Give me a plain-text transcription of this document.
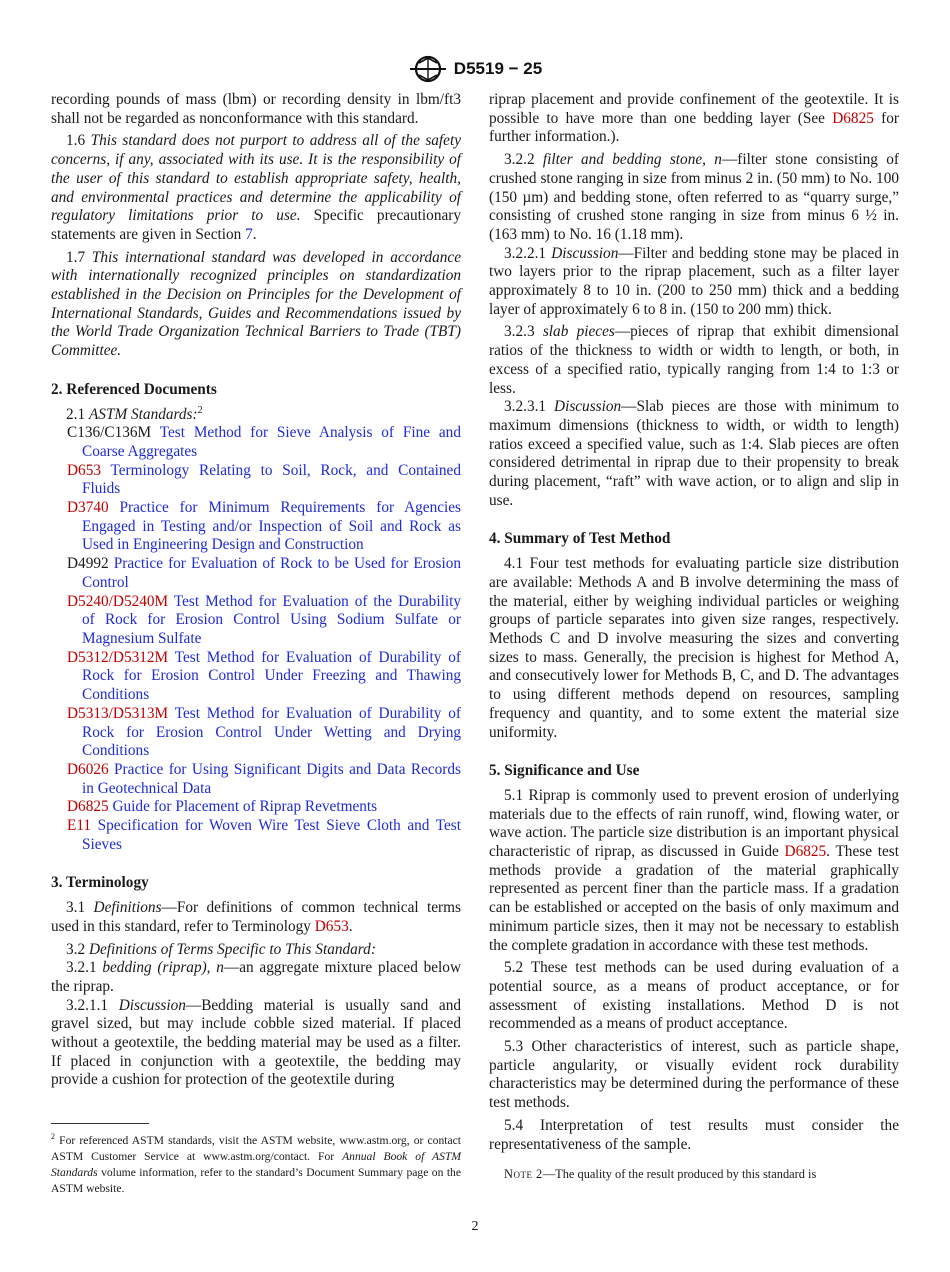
D5519 − 25

recording pounds of mass (lbm) or recording density in lbm/ft3 shall not be regarded as nonconformance with this standard.

1.6 This standard does not purport to address all of the safety concerns, if any, associated with its use. It is the responsibility of the user of this standard to establish appropriate safety, health, and environmental practices and determine the applicability of regulatory limitations prior to use. Specific precautionary statements are given in Section 7.

1.7 This international standard was developed in accordance with internationally recognized principles on standardization established in the Decision on Principles for the Development of International Standards, Guides and Recommendations issued by the World Trade Organization Technical Barriers to Trade (TBT) Committee.

2. Referenced Documents

2.1 ASTM Standards:$^2$

C136/C136M Test Method for Sieve Analysis of Fine and Coarse Aggregates

D653 Terminology Relating to Soil, Rock, and Contained Fluids

D3740 Practice for Minimum Requirements for Agencies Engaged in Testing and/or Inspection of Soil and Rock as Used in Engineering Design and Construction

D4992 Practice for Evaluation of Rock to be Used for Erosion Control

D5240/D5240M Test Method for Evaluation of the Durability of Rock for Erosion Control Using Sodium Sulfate or Magnesium Sulfate

D5312/D5312M Test Method for Evaluation of Durability of Rock for Erosion Control Under Freezing and Thawing Conditions

D5313/D5313M Test Method for Evaluation of Durability of Rock for Erosion Control Under Wetting and Drying Conditions

D6026 Practice for Using Significant Digits and Data Records in Geotechnical Data

D6825 Guide for Placement of Riprap Revetments

E11 Specification for Woven Wire Test Sieve Cloth and Test Sieves

3. Terminology

3.1 Definitions—For definitions of common technical terms used in this standard, refer to Terminology D653.

3.2 Definitions of Terms Specific to This Standard:

3.2.1 bedding (riprap), n—an aggregate mixture placed below the riprap.

3.2.1.1 Discussion—Bedding material is usually sand and gravel sized, but may include cobble sized material. If placed without a geotextile, the bedding material may be used as a filter. If placed in conjunction with a geotextile, the bedding may provide a cushion for protection of the geotextile during

$^2$ For referenced ASTM standards, visit the ASTM website, www.astm.org, or contact ASTM Customer Service at www.astm.org/contact. For Annual Book of ASTM Standards volume information, refer to the standard’s Document Summary page on the ASTM website.

riprap placement and provide confinement of the geotextile. It is possible to have more than one bedding layer (See D6825 for further information.).

3.2.2 filter and bedding stone, n—filter stone consisting of crushed stone ranging in size from minus 2 in. (50 mm) to No. 100 (150 µm) and bedding stone, often referred to as “quarry surge,” consisting of crushed stone ranging in size from minus 6 ½ in. (163 mm) to No. 16 (1.18 mm).

3.2.2.1 Discussion—Filter and bedding stone may be placed in two layers prior to the riprap placement, such as a filter layer approximately 8 to 10 in. (200 to 250 mm) thick and a bedding layer of approximately 6 to 8 in. (150 to 200 mm) thick.

3.2.3 slab pieces—pieces of riprap that exhibit dimensional ratios of the thickness to width or width to length, or both, in excess of a specified ratio, typically ranging from 1:4 to 1:3 or less.

3.2.3.1 Discussion—Slab pieces are those with minimum to maximum dimensions (thickness to width, or width to length) ratios exceed a specified value, such as 1:4. Slab pieces are often considered detrimental in riprap due to their propensity to break during placement, “raft” with wave action, or to align and slip in use.

4. Summary of Test Method

4.1 Four test methods for evaluating particle size distribution are available: Methods A and B involve determining the mass of the material, either by weighing individual particles or weighing groups of particle separates into given size ranges, respectively. Methods C and D involve measuring the sizes and converting sizes to mass. Generally, the precision is highest for Method A, and consecutively lower for Methods B, C, and D. The advantages to using different methods depend on resources, sampling frequency and quantity, and to some extent the material size uniformity.

5. Significance and Use

5.1 Riprap is commonly used to prevent erosion of underlying materials due to the effects of rain runoff, wind, flowing water, or wave action. The particle size distribution is an important physical characteristic of riprap, as discussed in Guide D6825. These test methods provide a gradation of the material graphically represented as percent finer than the particle mass. If a gradation can be established or accepted on the basis of only maximum and minimum particle sizes, then it may not be necessary to establish the complete gradation in accordance with these test methods.

5.2 These test methods can be used during evaluation of a potential source, as a means of product acceptance, or for assessment of existing installations. Method D is not recommended as a means of product acceptance.

5.3 Other characteristics of interest, such as particle shape, particle angularity, or visually evident rock durability characteristics may be determined during the performance of these test methods.

5.4 Interpretation of test results must consider the representativeness of the sample.

Note 2—The quality of the result produced by this standard is

2
